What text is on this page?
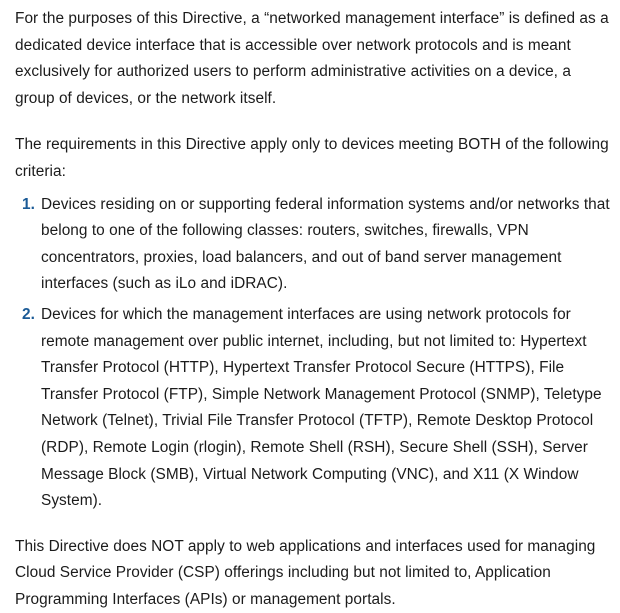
For the purposes of this Directive, a “networked management interface” is defined as a dedicated device interface that is accessible over network protocols and is meant exclusively for authorized users to perform administrative activities on a device, a group of devices, or the network itself.

The requirements in this Directive apply only to devices meeting BOTH of the following criteria:

1. Devices residing on or supporting federal information systems and/or networks that belong to one of the following classes: routers, switches, firewalls, VPN concentrators, proxies, load balancers, and out of band server management interfaces (such as iLo and iDRAC).
2. Devices for which the management interfaces are using network protocols for remote management over public internet, including, but not limited to: Hypertext Transfer Protocol (HTTP), Hypertext Transfer Protocol Secure (HTTPS), File Transfer Protocol (FTP), Simple Network Management Protocol (SNMP), Teletype Network (Telnet), Trivial File Transfer Protocol (TFTP), Remote Desktop Protocol (RDP), Remote Login (rlogin), Remote Shell (RSH), Secure Shell (SSH), Server Message Block (SMB), Virtual Network Computing (VNC), and X11 (X Window System).

This Directive does NOT apply to web applications and interfaces used for managing Cloud Service Provider (CSP) offerings including but not limited to, Application Programming Interfaces (APIs) or management portals.
